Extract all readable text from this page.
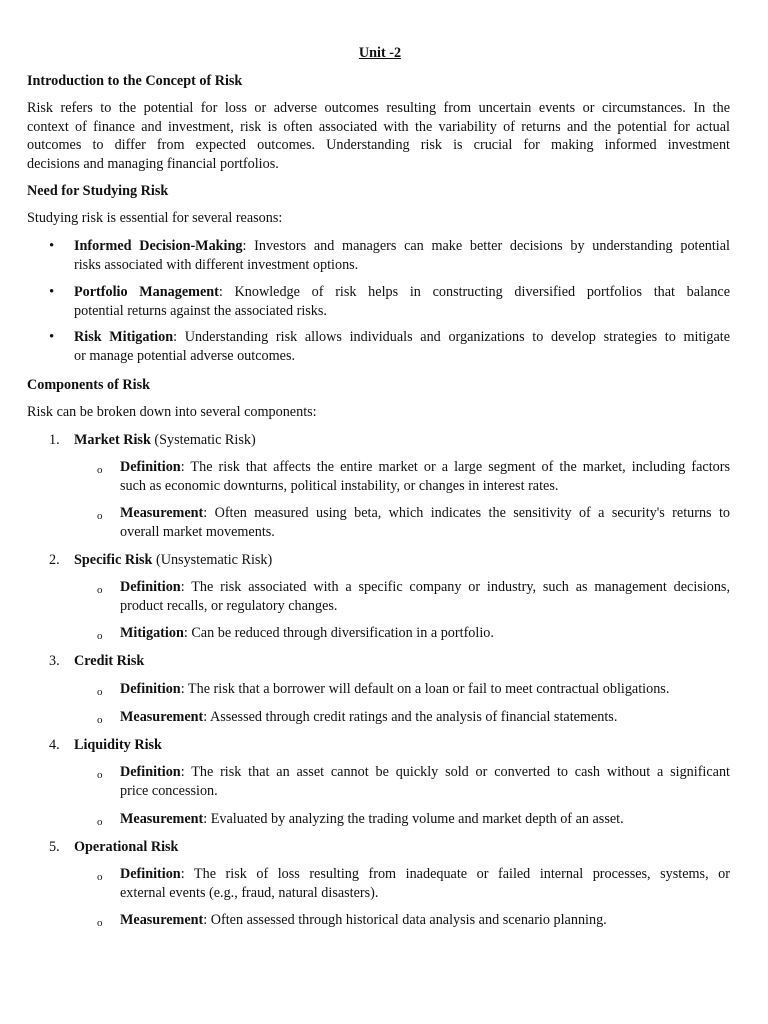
Unit -2
Introduction to the Concept of Risk
Risk refers to the potential for loss or adverse outcomes resulting from uncertain events or circumstances. In the
context of finance and investment, risk is often associated with the variability of returns and the potential for actual
outcomes to differ from expected outcomes. Understanding risk is crucial for making informed investment
decisions and managing financial portfolios.
Need for Studying Risk
Studying risk is essential for several reasons:
• Informed Decision-Making: Investors and managers can make better decisions by understanding potential
risks associated with different investment options.
• Portfolio Management: Knowledge of risk helps in constructing diversified portfolios that balance
potential returns against the associated risks.
• Risk Mitigation: Understanding risk allows individuals and organizations to develop strategies to mitigate
or manage potential adverse outcomes.
Components of Risk
Risk can be broken down into several components:
1. Market Risk (Systematic Risk)
o Definition: The risk that affects the entire market or a large segment of the market, including factors
such as economic downturns, political instability, or changes in interest rates.
o Measurement: Often measured using beta, which indicates the sensitivity of a security's returns to
overall market movements.
2. Specific Risk (Unsystematic Risk)
o Definition: The risk associated with a specific company or industry, such as management decisions,
product recalls, or regulatory changes.
o Mitigation: Can be reduced through diversification in a portfolio.
3. Credit Risk
o Definition: The risk that a borrower will default on a loan or fail to meet contractual obligations.
o Measurement: Assessed through credit ratings and the analysis of financial statements.
4. Liquidity Risk
o Definition: The risk that an asset cannot be quickly sold or converted to cash without a significant
price concession.
o Measurement: Evaluated by analyzing the trading volume and market depth of an asset.
5. Operational Risk
o Definition: The risk of loss resulting from inadequate or failed internal processes, systems, or
external events (e.g., fraud, natural disasters).
o Measurement: Often assessed through historical data analysis and scenario planning.
